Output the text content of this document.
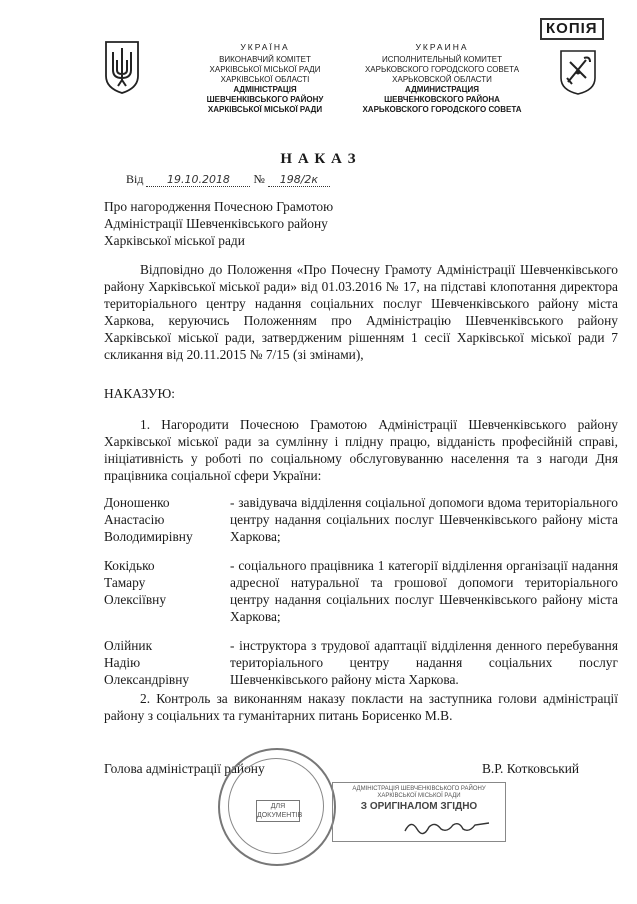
УКРАЇНА
ВИКОНАВЧИЙ КОМІТЕТ
ХАРКІВСЬКОЇ МІСЬКОЇ РАДИ
ХАРКІВСЬКОЇ ОБЛАСТІ
АДМІНІСТРАЦІЯ
ШЕВЧЕНКІВСЬКОГО РАЙОНУ
ХАРКІВСЬКОЇ МІСЬКОЇ РАДИ
УКРАИНА
ИСПОЛНИТЕЛЬНЫЙ КОМИТЕТ
ХАРЬКОВСКОГО ГОРОДСКОГО СОВЕТА
ХАРЬКОВСКОЙ ОБЛАСТИ
АДМИНИСТРАЦИЯ
ШЕВЧЕНКОВСКОГО РАЙОНА
ХАРЬКОВСКОГО ГОРОДСКОГО СОВЕТА
КОПІЯ
Н А К А З
Від 19.10.2018 № 198/2к
Про нагородження Почесною Грамотою
Адміністрації Шевченківського району
Харківської міської ради
Відповідно до Положення «Про Почесну Грамоту Адміністрації Шевченківського району Харківської міської ради» від 01.03.2016 № 17, на підставі клопотання директора територіального центру надання соціальних послуг Шевченківського району міста Харкова, керуючись Положенням про Адміністрацію Шевченківського району Харківської міської ради, затвердженим рішенням 1 сесії Харківської міської ради 7 скликання від 20.11.2015 № 7/15 (зі змінами),
НАКАЗУЮ:
1. Нагородити Почесною Грамотою Адміністрації Шевченківського району Харківської міської ради за сумлінну і плідну працю, відданість професійній справі, ініціативність у роботі по соціальному обслуговуванню населення та з нагоди Дня працівника соціальної сфери України:
Доношенко
Анастасію
Володимирівну	- завідувача відділення соціальної допомоги вдома територіального центру надання соціальних послуг Шевченківського району міста Харкова;

Кокідько
Тамару
Олексіївну	- соціального працівника 1 категорії відділення організації надання адресної натуральної та грошової допомоги територіального центру надання соціальних послуг Шевченківського району міста Харкова;

Олійник
Надію
Олександрівну	- інструктора з трудової адаптації відділення денного перебування територіального центру надання соціальних послуг Шевченківського району міста Харкова.
2. Контроль за виконанням наказу покласти на заступника голови адміністрації району з соціальних та гуманітарних питань Борисенко М.В.
Голова адміністрації району	В.Р. Котковський
ДЛЯ ДОКУМЕНТІВ
АДМІНІСТРАЦІЯ ШЕВЧЕНКІВСЬКОГО РАЙОНУ
ХАРКІВСЬКОЇ МІСЬКОЇ РАДИ
З ОРИГІНАЛОМ ЗГІДНО
